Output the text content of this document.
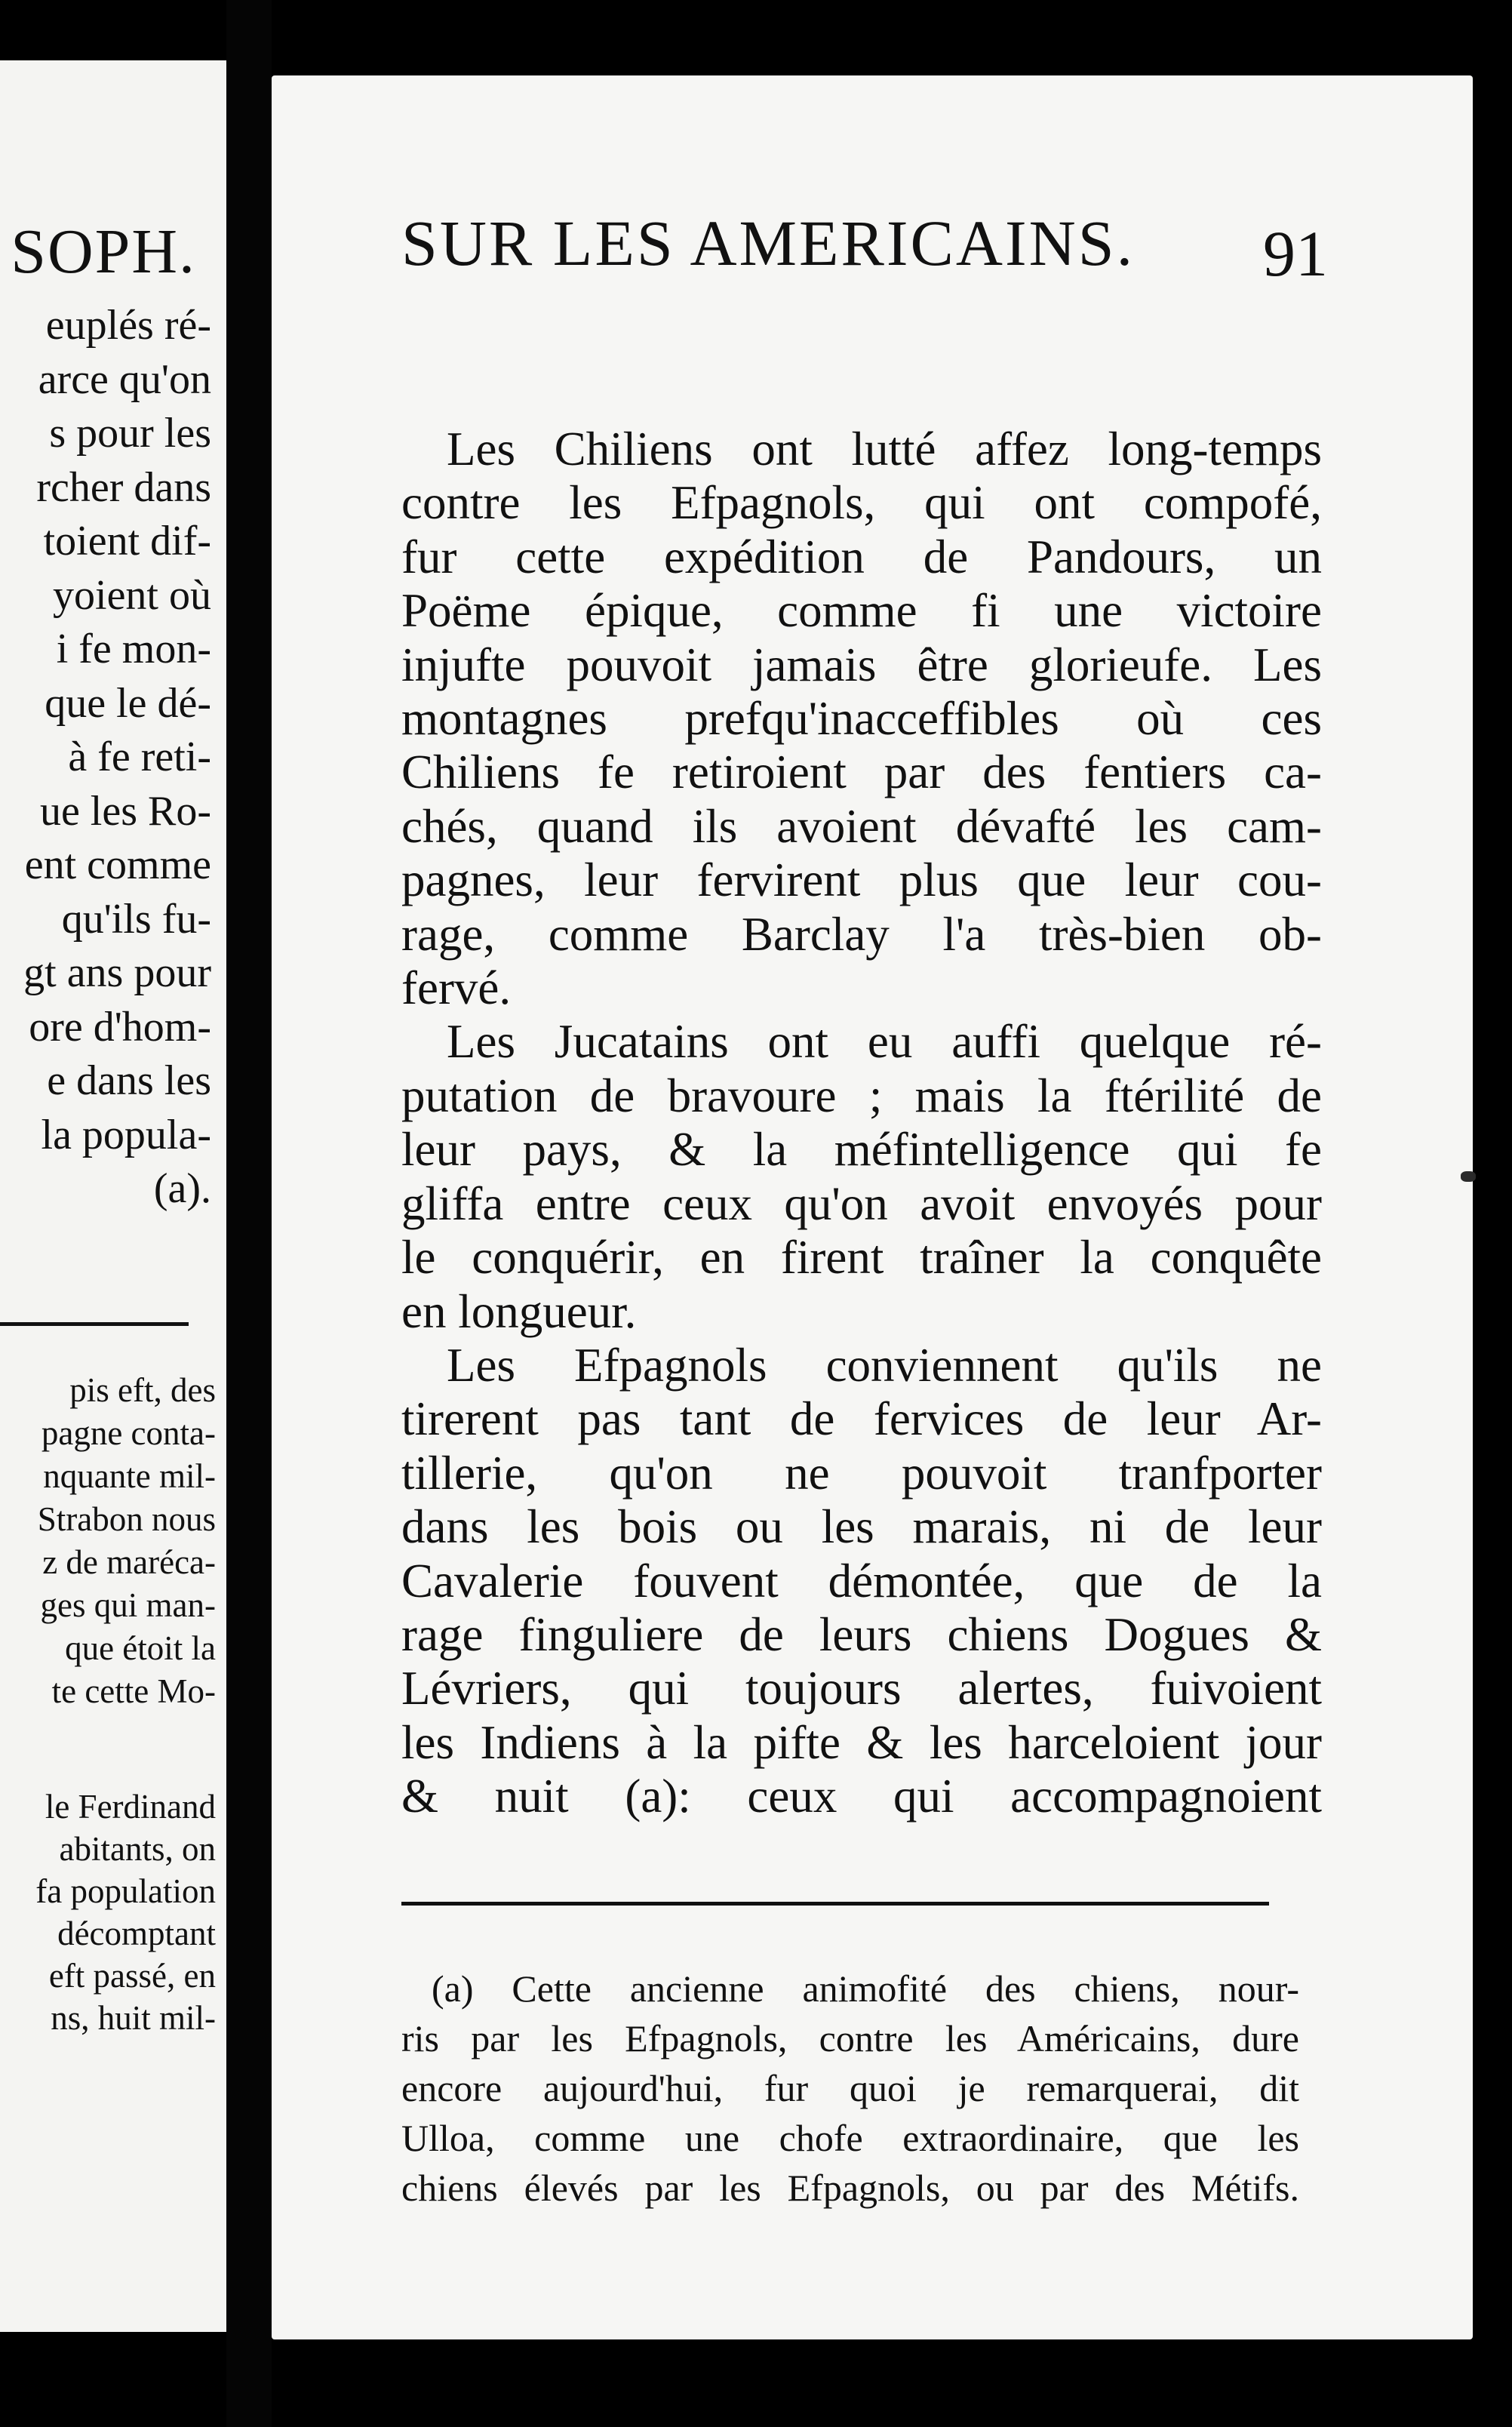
SOPH.
euplés ré-
arce qu'on
s pour les
rcher dans
toient dif-
yoient où
i fe mon-
que le dé-
à fe reti-
ue les Ro-
ent comme
qu'ils fu-
gt ans pour
ore d'hom-
e dans les
la popula-
(a).
pis eft, des
pagne conta-
nquante mil-
Strabon nous
z de maréca-
ges qui man-
que étoit la
te cette Mo-
le Ferdinand
abitants, on
fa population
décomptant
eft passé, en
ns, huit mil-
SUR LES AMERICAINS. 91
Les Chiliens ont lutté affez long-temps
contre les Efpagnols, qui ont compofé,
fur cette expédition de Pandours, un
Poëme épique, comme fi une victoire
injufte pouvoit jamais être glorieufe. Les
montagnes prefqu'inacceffibles où ces
Chiliens fe retiroient par des fentiers ca-
chés, quand ils avoient dévafté les cam-
pagnes, leur fervirent plus que leur cou-
rage, comme Barclay l'a très-bien ob-
fervé.
Les Jucatains ont eu auffi quelque ré-
putation de bravoure ; mais la ftérilité de
leur pays, & la méfintelligence qui fe
gliffa entre ceux qu'on avoit envoyés pour
le conquérir, en firent traîner la conquête
en longueur.
Les Efpagnols conviennent qu'ils ne
tirerent pas tant de fervices de leur Ar-
tillerie, qu'on ne pouvoit tranfporter
dans les bois ou les marais, ni de leur
Cavalerie fouvent démontée, que de la
rage finguliere de leurs chiens Dogues &
Lévriers, qui toujours alertes, fuivoient
les Indiens à la pifte & les harceloient jour
& nuit (a): ceux qui accompagnoient
(a) Cette ancienne animofité des chiens, nour-
ris par les Efpagnols, contre les Américains, dure
encore aujourd'hui, fur quoi je remarquerai, dit
Ulloa, comme une chofe extraordinaire, que les
chiens élevés par les Efpagnols, ou par des Métifs.
